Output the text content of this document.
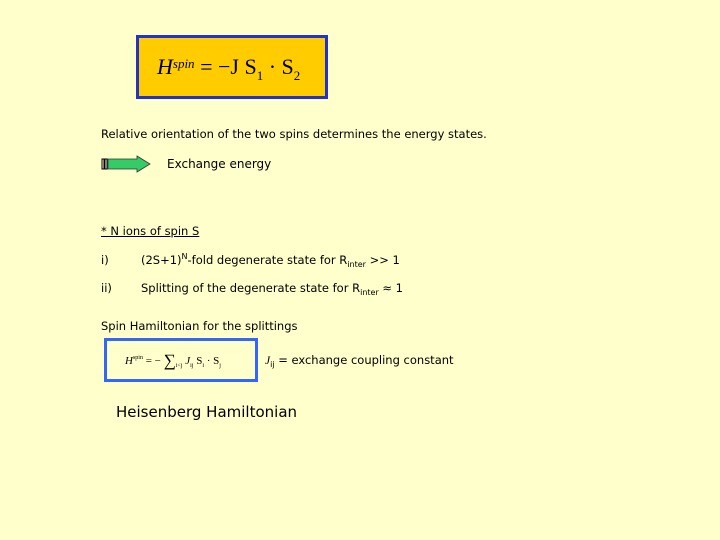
$H^{spin} = -J$ $S_1 \cdot S_2$
Relative orientation of the two spins determines the energy states.
Exchange energy
* N ions of spin S
i)	$(2S+1)^N$-fold degenerate state for $R_{inter} >> 1$
ii)	Splitting of the degenerate state for $R_{inter} \approx 1$
Spin Hamiltonian for the splittings
$H^{spin}$ = − $\sum_{i<j}$ $J_{ij}$ $S_i \cdot S_j$	$J_{ij}$ = exchange coupling constant
Heisenberg Hamiltonian
